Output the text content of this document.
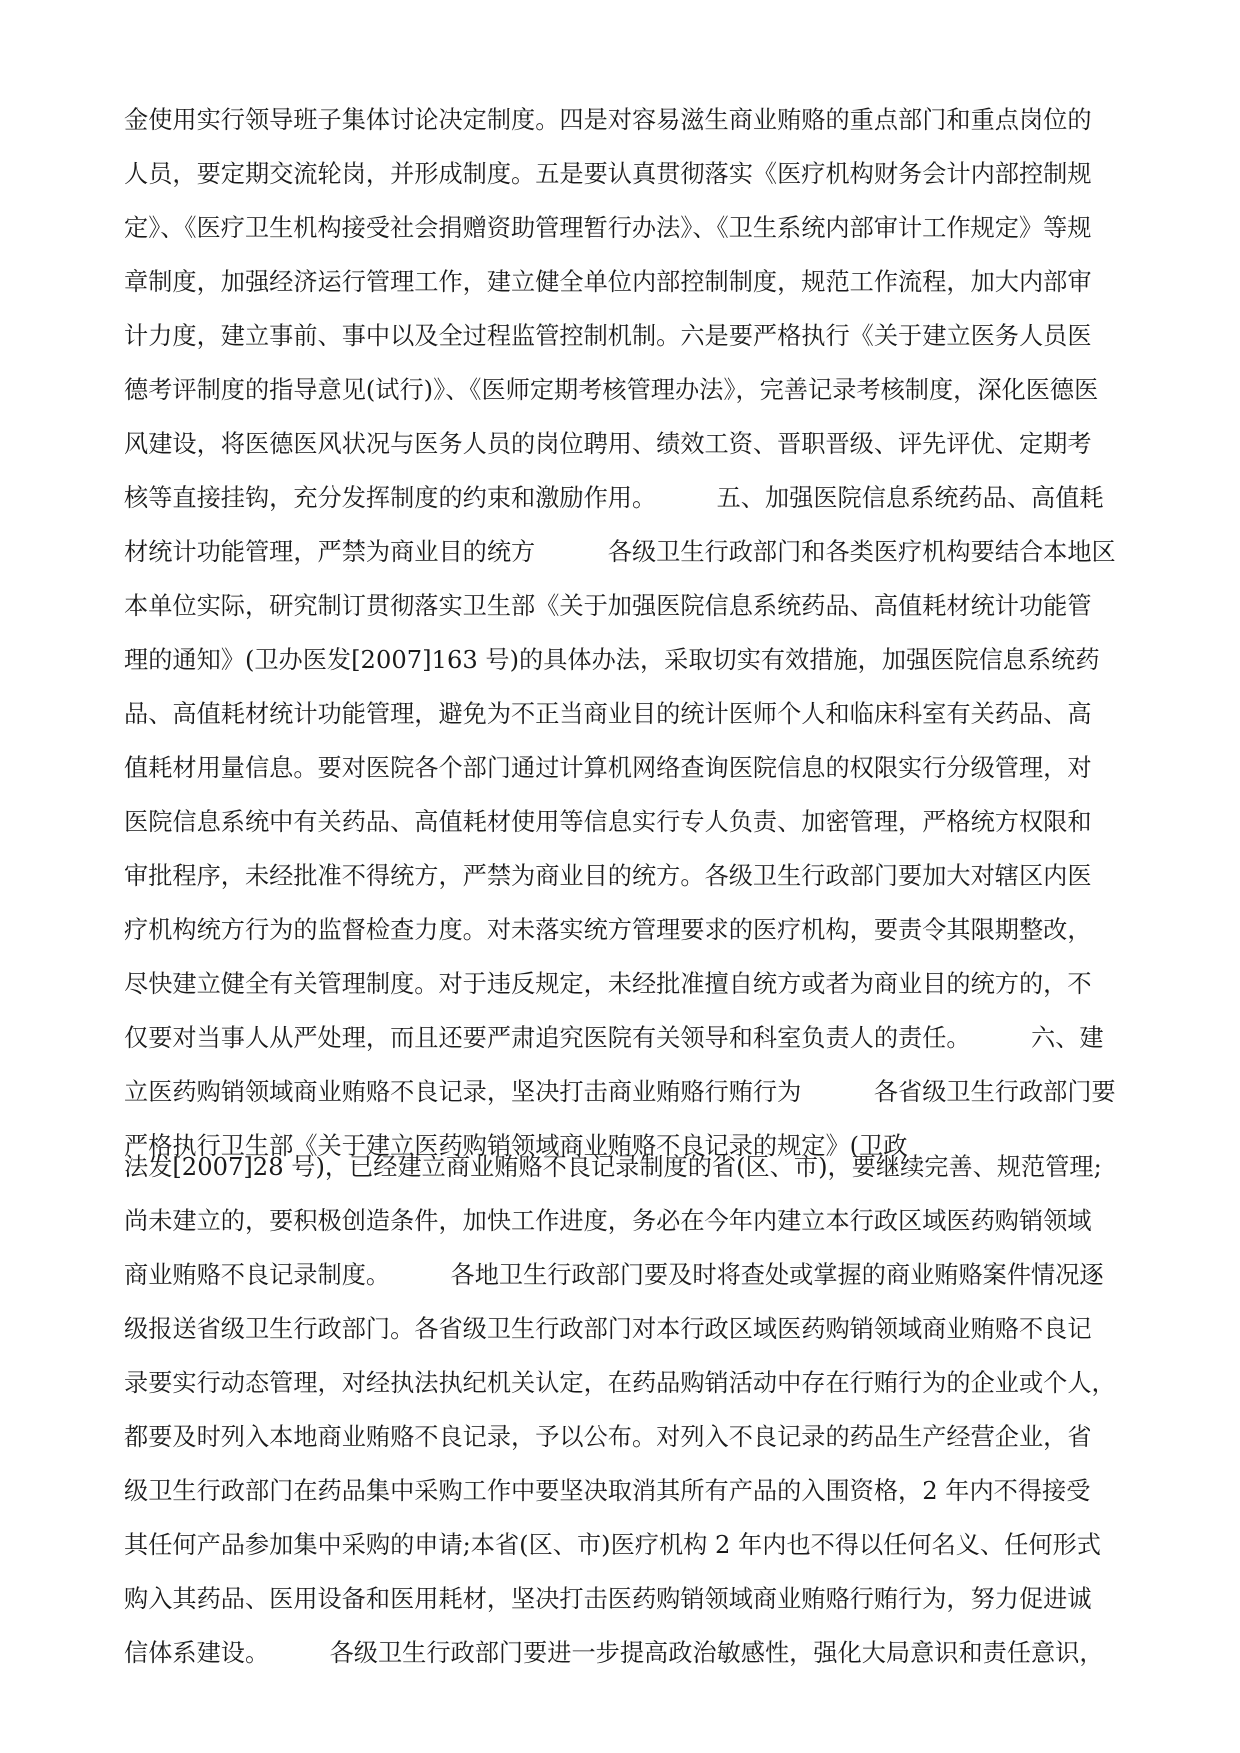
金使用实行领导班子集体讨论决定制度。四是对容易滋生商业贿赂的重点部门和重点岗位的
人员，要定期交流轮岗，并形成制度。五是要认真贯彻落实《医疗机构财务会计内部控制规
定》、《医疗卫生机构接受社会捐赠资助管理暂行办法》、《卫生系统内部审计工作规定》等规
章制度，加强经济运行管理工作，建立健全单位内部控制制度，规范工作流程，加大内部审
计力度，建立事前、事中以及全过程监管控制机制。六是要严格执行《关于建立医务人员医
德考评制度的指导意见(试行)》、《医师定期考核管理办法》，完善记录考核制度，深化医德医
风建设，将医德医风状况与医务人员的岗位聘用、绩效工资、晋职晋级、评先评优、定期考
核等直接挂钩，充分发挥制度的约束和激励作用。　　　五、加强医院信息系统药品、高值耗
材统计功能管理，严禁为商业目的统方　　　各级卫生行政部门和各类医疗机构要结合本地区
本单位实际，研究制订贯彻落实卫生部《关于加强医院信息系统药品、高值耗材统计功能管
理的通知》(卫办医发[2007]163 号)的具体办法，采取切实有效措施，加强医院信息系统药
品、高值耗材统计功能管理，避免为不正当商业目的统计医师个人和临床科室有关药品、高
值耗材用量信息。要对医院各个部门通过计算机网络查询医院信息的权限实行分级管理，对
医院信息系统中有关药品、高值耗材使用等信息实行专人负责、加密管理，严格统方权限和
审批程序，未经批准不得统方，严禁为商业目的统方。各级卫生行政部门要加大对辖区内医
疗机构统方行为的监督检查力度。对未落实统方管理要求的医疗机构，要责令其限期整改，
尽快建立健全有关管理制度。对于违反规定，未经批准擅自统方或者为商业目的统方的，不
仅要对当事人从严处理，而且还要严肃追究医院有关领导和科室负责人的责任。　　　六、建
立医药购销领域商业贿赂不良记录，坚决打击商业贿赂行贿行为　　　各省级卫生行政部门要
严格执行卫生部《关于建立医药购销领域商业贿赂不良记录的规定》(卫政
法发[2007]28 号)，已经建立商业贿赂不良记录制度的省(区、市)，要继续完善、规范管理;
尚未建立的，要积极创造条件，加快工作进度，务必在今年内建立本行政区域医药购销领域
商业贿赂不良记录制度。　　　各地卫生行政部门要及时将查处或掌握的商业贿赂案件情况逐
级报送省级卫生行政部门。各省级卫生行政部门对本行政区域医药购销领域商业贿赂不良记
录要实行动态管理，对经执法执纪机关认定，在药品购销活动中存在行贿行为的企业或个人，
都要及时列入本地商业贿赂不良记录，予以公布。对列入不良记录的药品生产经营企业，省
级卫生行政部门在药品集中采购工作中要坚决取消其所有产品的入围资格，2 年内不得接受
其任何产品参加集中采购的申请;本省(区、市)医疗机构 2 年内也不得以任何名义、任何形式
购入其药品、医用设备和医用耗材，坚决打击医药购销领域商业贿赂行贿行为，努力促进诚
信体系建设。　　　各级卫生行政部门要进一步提高政治敏感性，强化大局意识和责任意识，
